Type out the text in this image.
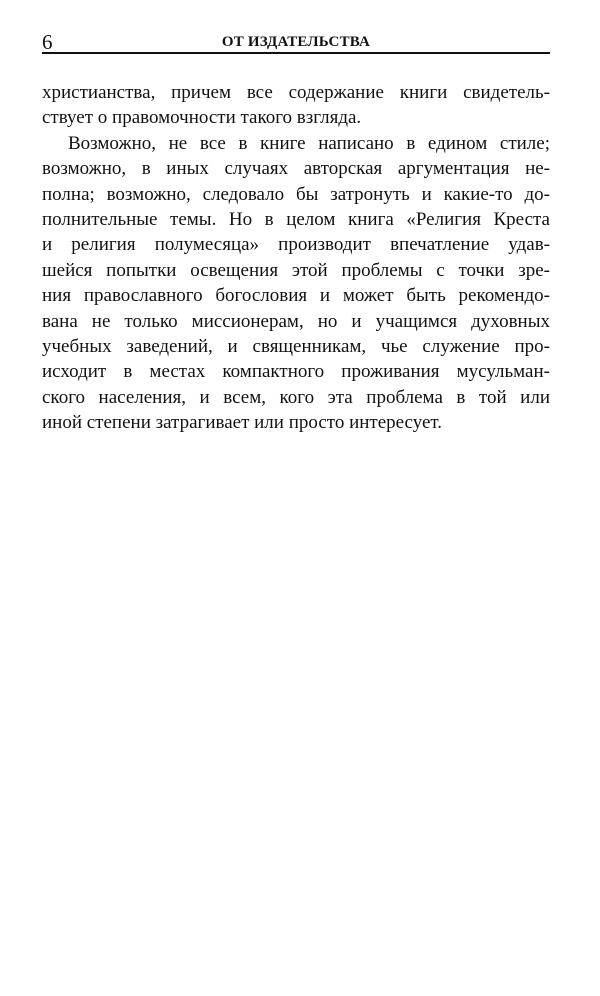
6	ОТ ИЗДАТЕЛЬСТВА
христианства, причем все содержание книги свидетель-
ствует о правомочности такого взгляда.
Возможно, не все в книге написано в едином стиле;
возможно, в иных случаях авторская аргументация не-
полна; возможно, следовало бы затронуть и какие-то до-
полнительные темы. Но в целом книга «Религия Креста
и религия полумесяца» производит впечатление удав-
шейся попытки освещения этой проблемы с точки зре-
ния православного богословия и может быть рекомендо-
вана не только миссионерам, но и учащимся духовных
учебных заведений, и священникам, чье служение про-
исходит в местах компактного проживания мусульман-
ского населения, и всем, кого эта проблема в той или
иной степени затрагивает или просто интересует.
